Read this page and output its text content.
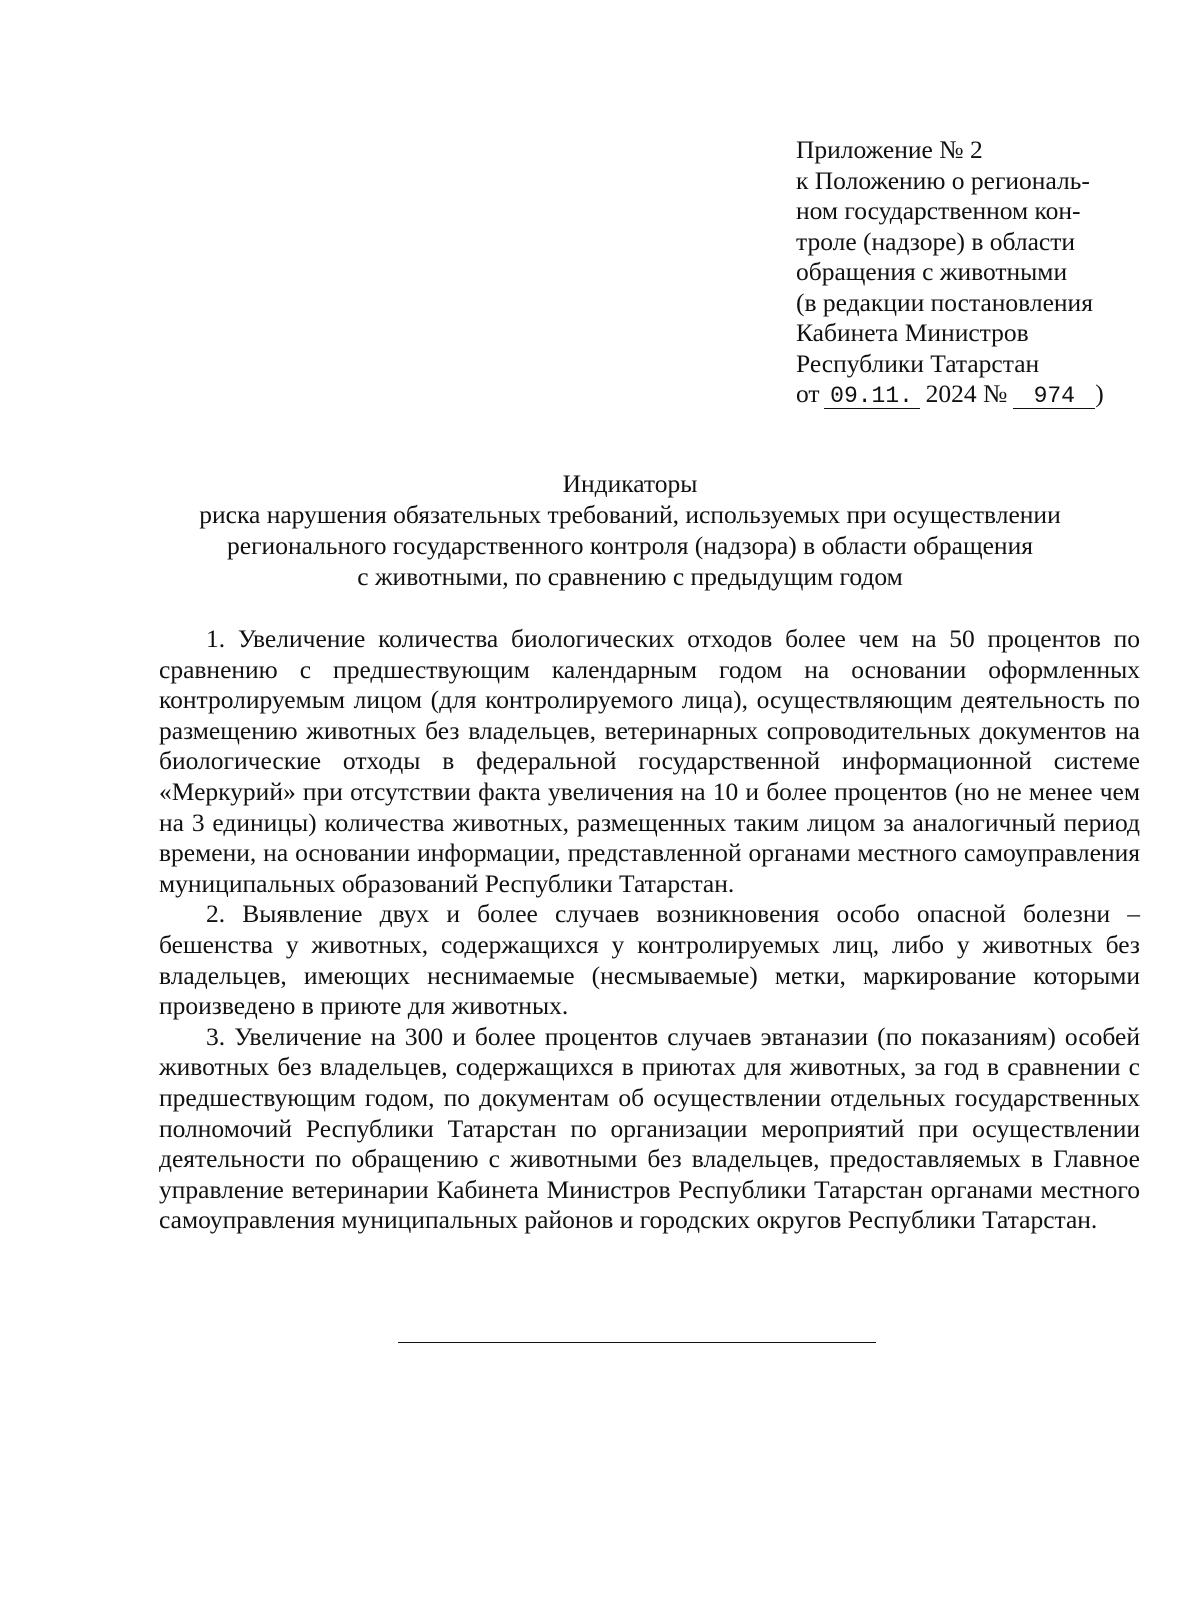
Приложение № 2
к Положению о региональ-
ном государственном кон-
троле (надзоре) в области
обращения с животными
(в редакции постановления
Кабинета Министров
Республики Татарстан
от 09.11. 2024 № 974 )
Индикаторы
риска нарушения обязательных требований, используемых при осуществлении
регионального государственного контроля (надзора) в области обращения
с животными, по сравнению с предыдущим годом

1. Увеличение количества биологических отходов более чем на 50 процентов по сравнению с предшествующим календарным годом на основании оформленных контролируемым лицом (для контролируемого лица), осуществляющим деятельность по размещению животных без владельцев, ветеринарных сопроводительных документов на биологические отходы в федеральной государственной информационной системе «Меркурий» при отсутствии факта увеличения на 10 и более процентов (но не менее чем на 3 единицы) количества животных, размещенных таким лицом за аналогичный период времени, на основании информации, представленной органами местного самоуправления муниципальных образований Республики Татарстан.

2. Выявление двух и более случаев возникновения особо опасной болезни – бешенства у животных, содержащихся у контролируемых лиц, либо у животных без владельцев, имеющих неснимаемые (несмываемые) метки, маркирование которыми произведено в приюте для животных.

3. Увеличение на 300 и более процентов случаев эвтаназии (по показаниям) особей животных без владельцев, содержащихся в приютах для животных, за год в сравнении с предшествующим годом, по документам об осуществлении отдельных государственных полномочий Республики Татарстан по организации мероприятий при осуществлении деятельности по обращению с животными без владельцев, предоставляемых в Главное управление ветеринарии Кабинета Министров Республики Татарстан органами местного самоуправления муниципальных районов и городских округов Республики Татарстан.
